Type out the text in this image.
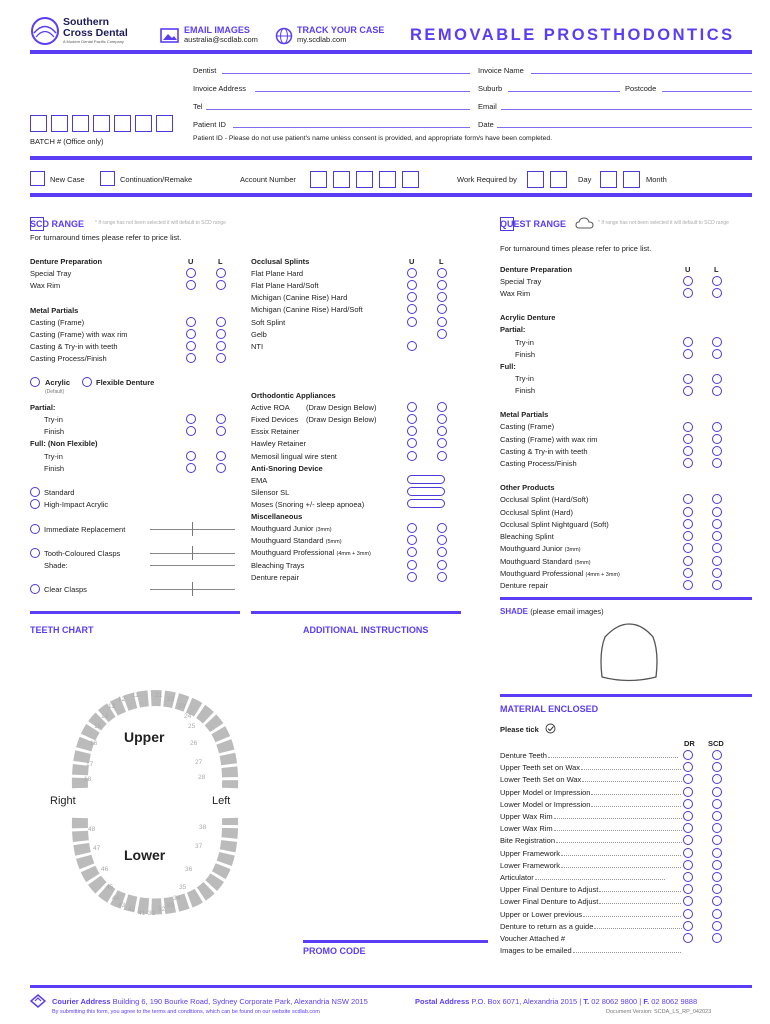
Southern
Cross Dental
A Modern Dental Pacific Company
EMAIL IMAGES
australia@scdlab.com
TRACK YOUR CASE
my.scdlab.com	REMOVABLE PROSTHODONTICS
Dentist	Invoice Name
Invoice Address	Suburb	Postcode
Tel	Email
Patient ID	Date
Patient ID - Please do not use patient's name unless consent is provided, and appropriate form/s have been completed.
BATCH # (Office only)
New Case	Continuation/Remake	Account Number	Work Required by	Day	Month
SCD RANGE * If range has not been selected it will default to SCD range
For turnaround times please refer to price list.
Denture Preparation	U	L
Special Tray
Wax Rim
Metal Partials
Casting (Frame)
Casting (Frame) with wax rim
Casting & Try-in with teeth
Casting Process/Finish
Acrylic	Flexible Denture
(Default)
Partial:
Try-in
Finish
Full: (Non Flexible)
Try-in
Finish
Standard
High-Impact Acrylic
Immediate Replacement
Tooth-Coloured Clasps
Shade:
Clear Clasps
Occlusal Splints	U	L
Flat Plane Hard
Flat Plane Hard/Soft
Michigan (Canine Rise) Hard
Michigan (Canine Rise) Hard/Soft
Soft Splint
Gelb
NTI
Orthodontic Appliances
Active ROA (Draw Design Below)
Fixed Devices (Draw Design Below)
Essix Retainer
Hawley Retainer
Memosil lingual wire stent
Anti-Snoring Device
EMA
Silensor SL
Moses (Snoring +/- sleep apnoea)
Miscellaneous
Mouthguard Junior (3mm)
Mouthguard Standard (5mm)
Mouthguard Professional (4mm + 3mm)
Bleaching Trays
Denture repair
QUEST RANGE	* If range has not been selected it will default to SCD range
For turnaround times please refer to price list.
Denture Preparation	U	L
Special Tray
Wax Rim
Acrylic Denture
Partial:
Try-in
Finish
Full:
Try-in
Finish
Metal Partials
Casting (Frame)
Casting (Frame) with wax rim
Casting & Try-in with teeth
Casting Process/Finish
Other Products
Occlusal Splint (Hard/Soft)
Occlusal Splint (Hard)
Occlusal Splint Nightguard (Soft)
Bleaching Splint
Mouthguard Junior (3mm)
Mouthguard Standard (5mm)
Mouthguard Professional (4mm + 3mm)
Denture repair
SHADE (please email images)
TEETH CHART
Upper
Lower
Right	Left
11
12
13
14
15
16
17
18
21
22
23
24
25
26
27
28
31
32
33
34
35
36
37
38
41
42
43
44
45
46
47
48
ADDITIONAL INSTRUCTIONS
PROMO CODE
MATERIAL ENCLOSED
Please tick
DR SCD
Denture Teeth
Upper Teeth set on Wax
Lower Teeth Set on Wax
Upper Model or Impression
Lower Model or Impression
Upper Wax Rim
Lower Wax Rim
Bite Registration
Upper Framework
Lower Framework
Articulator
Upper Final Denture to Adjust
Lower Final Denture to Adjust
Upper or Lower previous
Denture to return as a guide
Voucher Attached #
Images to be emailed
Courier Address Building 6, 190 Bourke Road, Sydney Corporate Park, Alexandria NSW 2015	Postal Address P.O. Box 6071, Alexandria 2015 | T. 02 8062 9800 | F. 02 8062 9888
By submitting this form, you agree to the terms and conditions, which can be found on our website scdlab.com	Document Version: SCDA_LS_RP_042023
